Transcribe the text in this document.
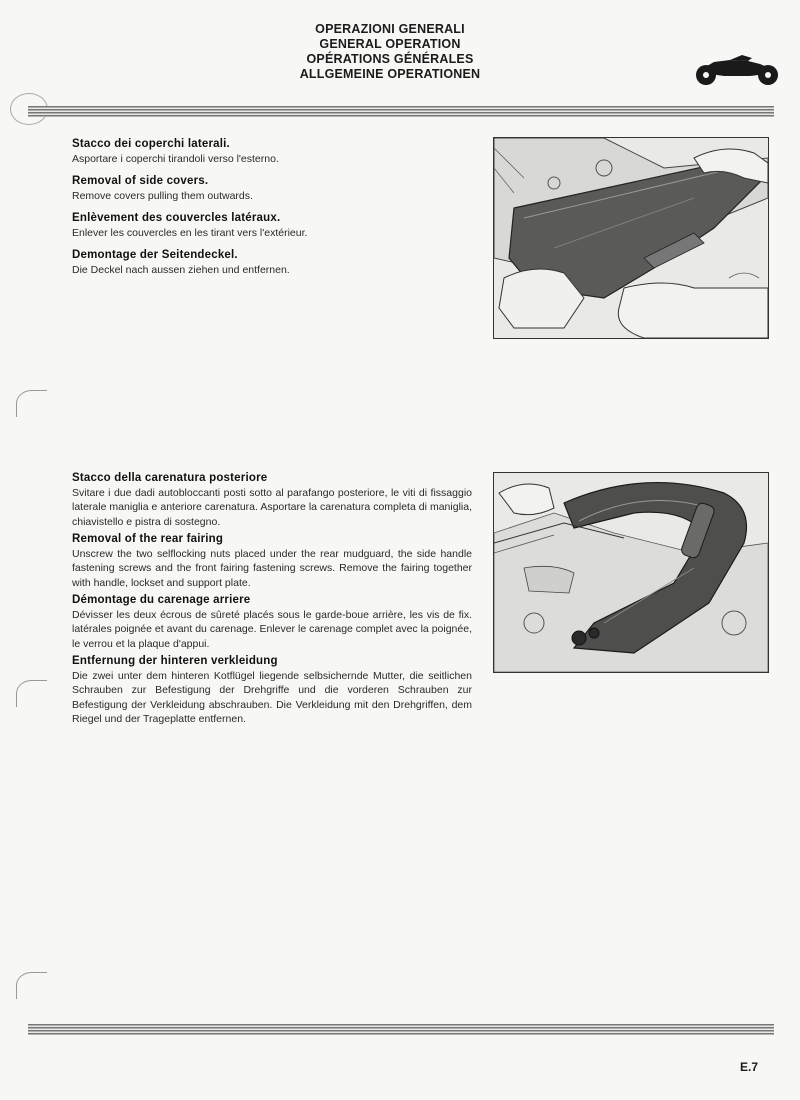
OPERAZIONI GENERALI
GENERAL OPERATION
OPÉRATIONS GÉNÉRALES
ALLGEMEINE OPERATIONEN

Stacco dei coperchi laterali.

Asportare i coperchi tirandoli verso l'esterno.

Removal of side covers.

Remove covers pulling them outwards.

Enlèvement des couvercles latéraux.

Enlever les couvercles en les tirant vers l'extérieur.

Demontage der Seitendeckel.

Die Deckel nach aussen ziehen und entfernen.

Stacco della carenatura posteriore

Svitare i due dadi autobloccanti posti sotto al parafango posteriore, le viti di fissaggio laterale maniglia e anteriore carenatura. Asportare la carenatura completa di maniglia, chiavistello e pistra di sostegno.

Removal of the rear fairing

Unscrew the two selflocking nuts placed under the rear mudguard, the side handle fastening screws and the front fairing fastening screws. Remove the fairing together with handle, lockset and support plate.

Démontage du carenage arriere

Dévisser les deux écrous de sûreté placés sous le garde-boue arrière, les vis de fix. latérales poignée et avant du carenage. Enlever le carenage complet avec la poignée, le verrou et la plaque d'appui.

Entfernung der hinteren verkleidung

Die zwei unter dem hinteren Kotflügel liegende selbsichernde Mutter, die seitlichen Schrauben zur Befestigung der Drehgriffe und die vorderen Schrauben zur Befestigung der Verkleidung abschrauben. Die Verkleidung mit den Drehgriffen, dem Riegel und der Trageplatte entfernen.

E.7
